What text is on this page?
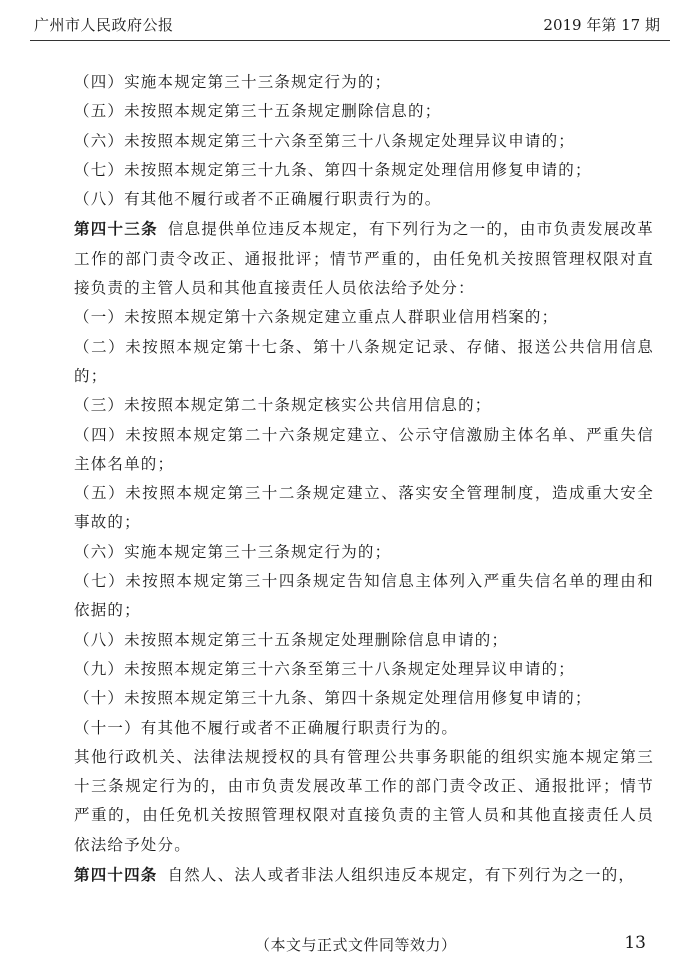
广州市人民政府公报	2019 年第 17 期

（四）实施本规定第三十三条规定行为的；

（五）未按照本规定第三十五条规定删除信息的；

（六）未按照本规定第三十六条至第三十八条规定处理异议申请的；

（七）未按照本规定第三十九条、第四十条规定处理信用修复申请的；

（八）有其他不履行或者不正确履行职责行为的。

第四十三条 信息提供单位违反本规定，有下列行为之一的，由市负责发展改革工作的部门责令改正、通报批评；情节严重的，由任免机关按照管理权限对直接负责的主管人员和其他直接责任人员依法给予处分：

（一）未按照本规定第十六条规定建立重点人群职业信用档案的；

（二）未按照本规定第十七条、第十八条规定记录、存储、报送公共信用信息的；

（三）未按照本规定第二十条规定核实公共信用信息的；

（四）未按照本规定第二十六条规定建立、公示守信激励主体名单、严重失信主体名单的；

（五）未按照本规定第三十二条规定建立、落实安全管理制度，造成重大安全事故的；

（六）实施本规定第三十三条规定行为的；

（七）未按照本规定第三十四条规定告知信息主体列入严重失信名单的理由和依据的；

（八）未按照本规定第三十五条规定处理删除信息申请的；

（九）未按照本规定第三十六条至第三十八条规定处理异议申请的；

（十）未按照本规定第三十九条、第四十条规定处理信用修复申请的；

（十一）有其他不履行或者不正确履行职责行为的。

其他行政机关、法律法规授权的具有管理公共事务职能的组织实施本规定第三十三条规定行为的，由市负责发展改革工作的部门责令改正、通报批评；情节严重的，由任免机关按照管理权限对直接负责的主管人员和其他直接责任人员依法给予处分。

第四十四条 自然人、法人或者非法人组织违反本规定，有下列行为之一的，

（本文与正式文件同等效力）	13
